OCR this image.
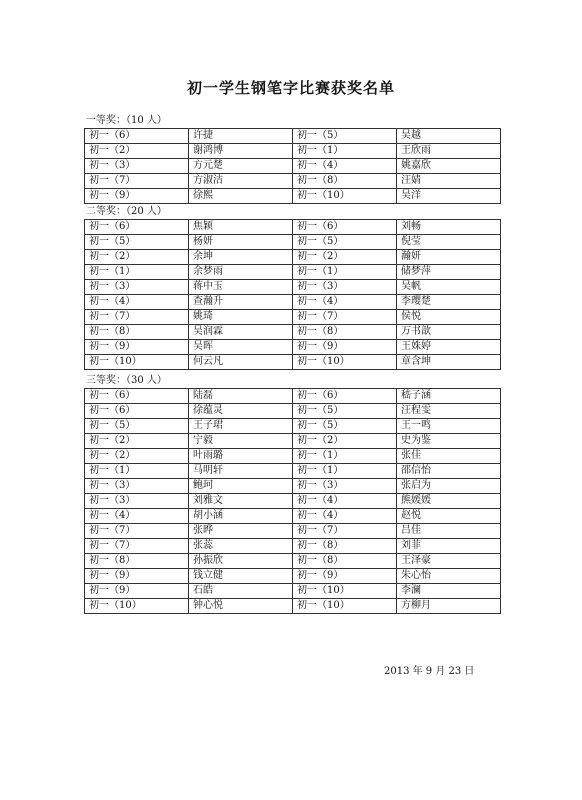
初一学生钢笔字比赛获奖名单
一等奖：（10 人）
初一（6）	许捷	初一（5）	吴越
初一（2）	谢鸿博	初一（1）	王欣雨
初一（3）	方元楚	初一（4）	姚嘉欣
初一（7）	方淑洁	初一（8）	汪婧
初一（9）	徐熙	初一（10）	吴洋
二等奖：（20 人）
初一（6）	焦颖	初一（6）	刘畅
初一（5）	杨妍	初一（5）	倪莹
初一（2）	余坤	初一（2）	瀚妍
初一（1）	余梦雨	初一（1）	储梦萍
初一（3）	蒋中玉	初一（3）	吴帆
初一（4）	查瀚升	初一（4）	李璎楚
初一（7）	姚琦	初一（7）	侯悦
初一（8）	吴润霖	初一（8）	万书歆
初一（9）	吴晖	初一（9）	王姝婷
初一（10）	何云凡	初一（10）	章含坤
三等奖：（30 人）
初一（6）	陆磊	初一（6）	嵇子涵
初一（6）	徐蕴灵	初一（5）	汪程雯
初一（5）	王子珺	初一（5）	王一鸣
初一（2）	宁毅	初一（2）	史为鉴
初一（2）	叶雨璐	初一（1）	张佳
初一（1）	马明轩	初一（1）	邵信怡
初一（3）	鲍珂	初一（3）	张启为
初一（3）	刘雅文	初一（4）	熊媛媛
初一（4）	胡小涵	初一（4）	赵悦
初一（7）	张晔	初一（7）	吕佳
初一（7）	张蕊	初一（8）	刘菲
初一（8）	孙振欣	初一（8）	王泽豪
初一（9）	钱立健	初一（9）	朱心怡
初一（9）	石皓	初一（10）	李澜
初一（10）	钟心悦	初一（10）	方柳月
2013 年 9 月 23 日
